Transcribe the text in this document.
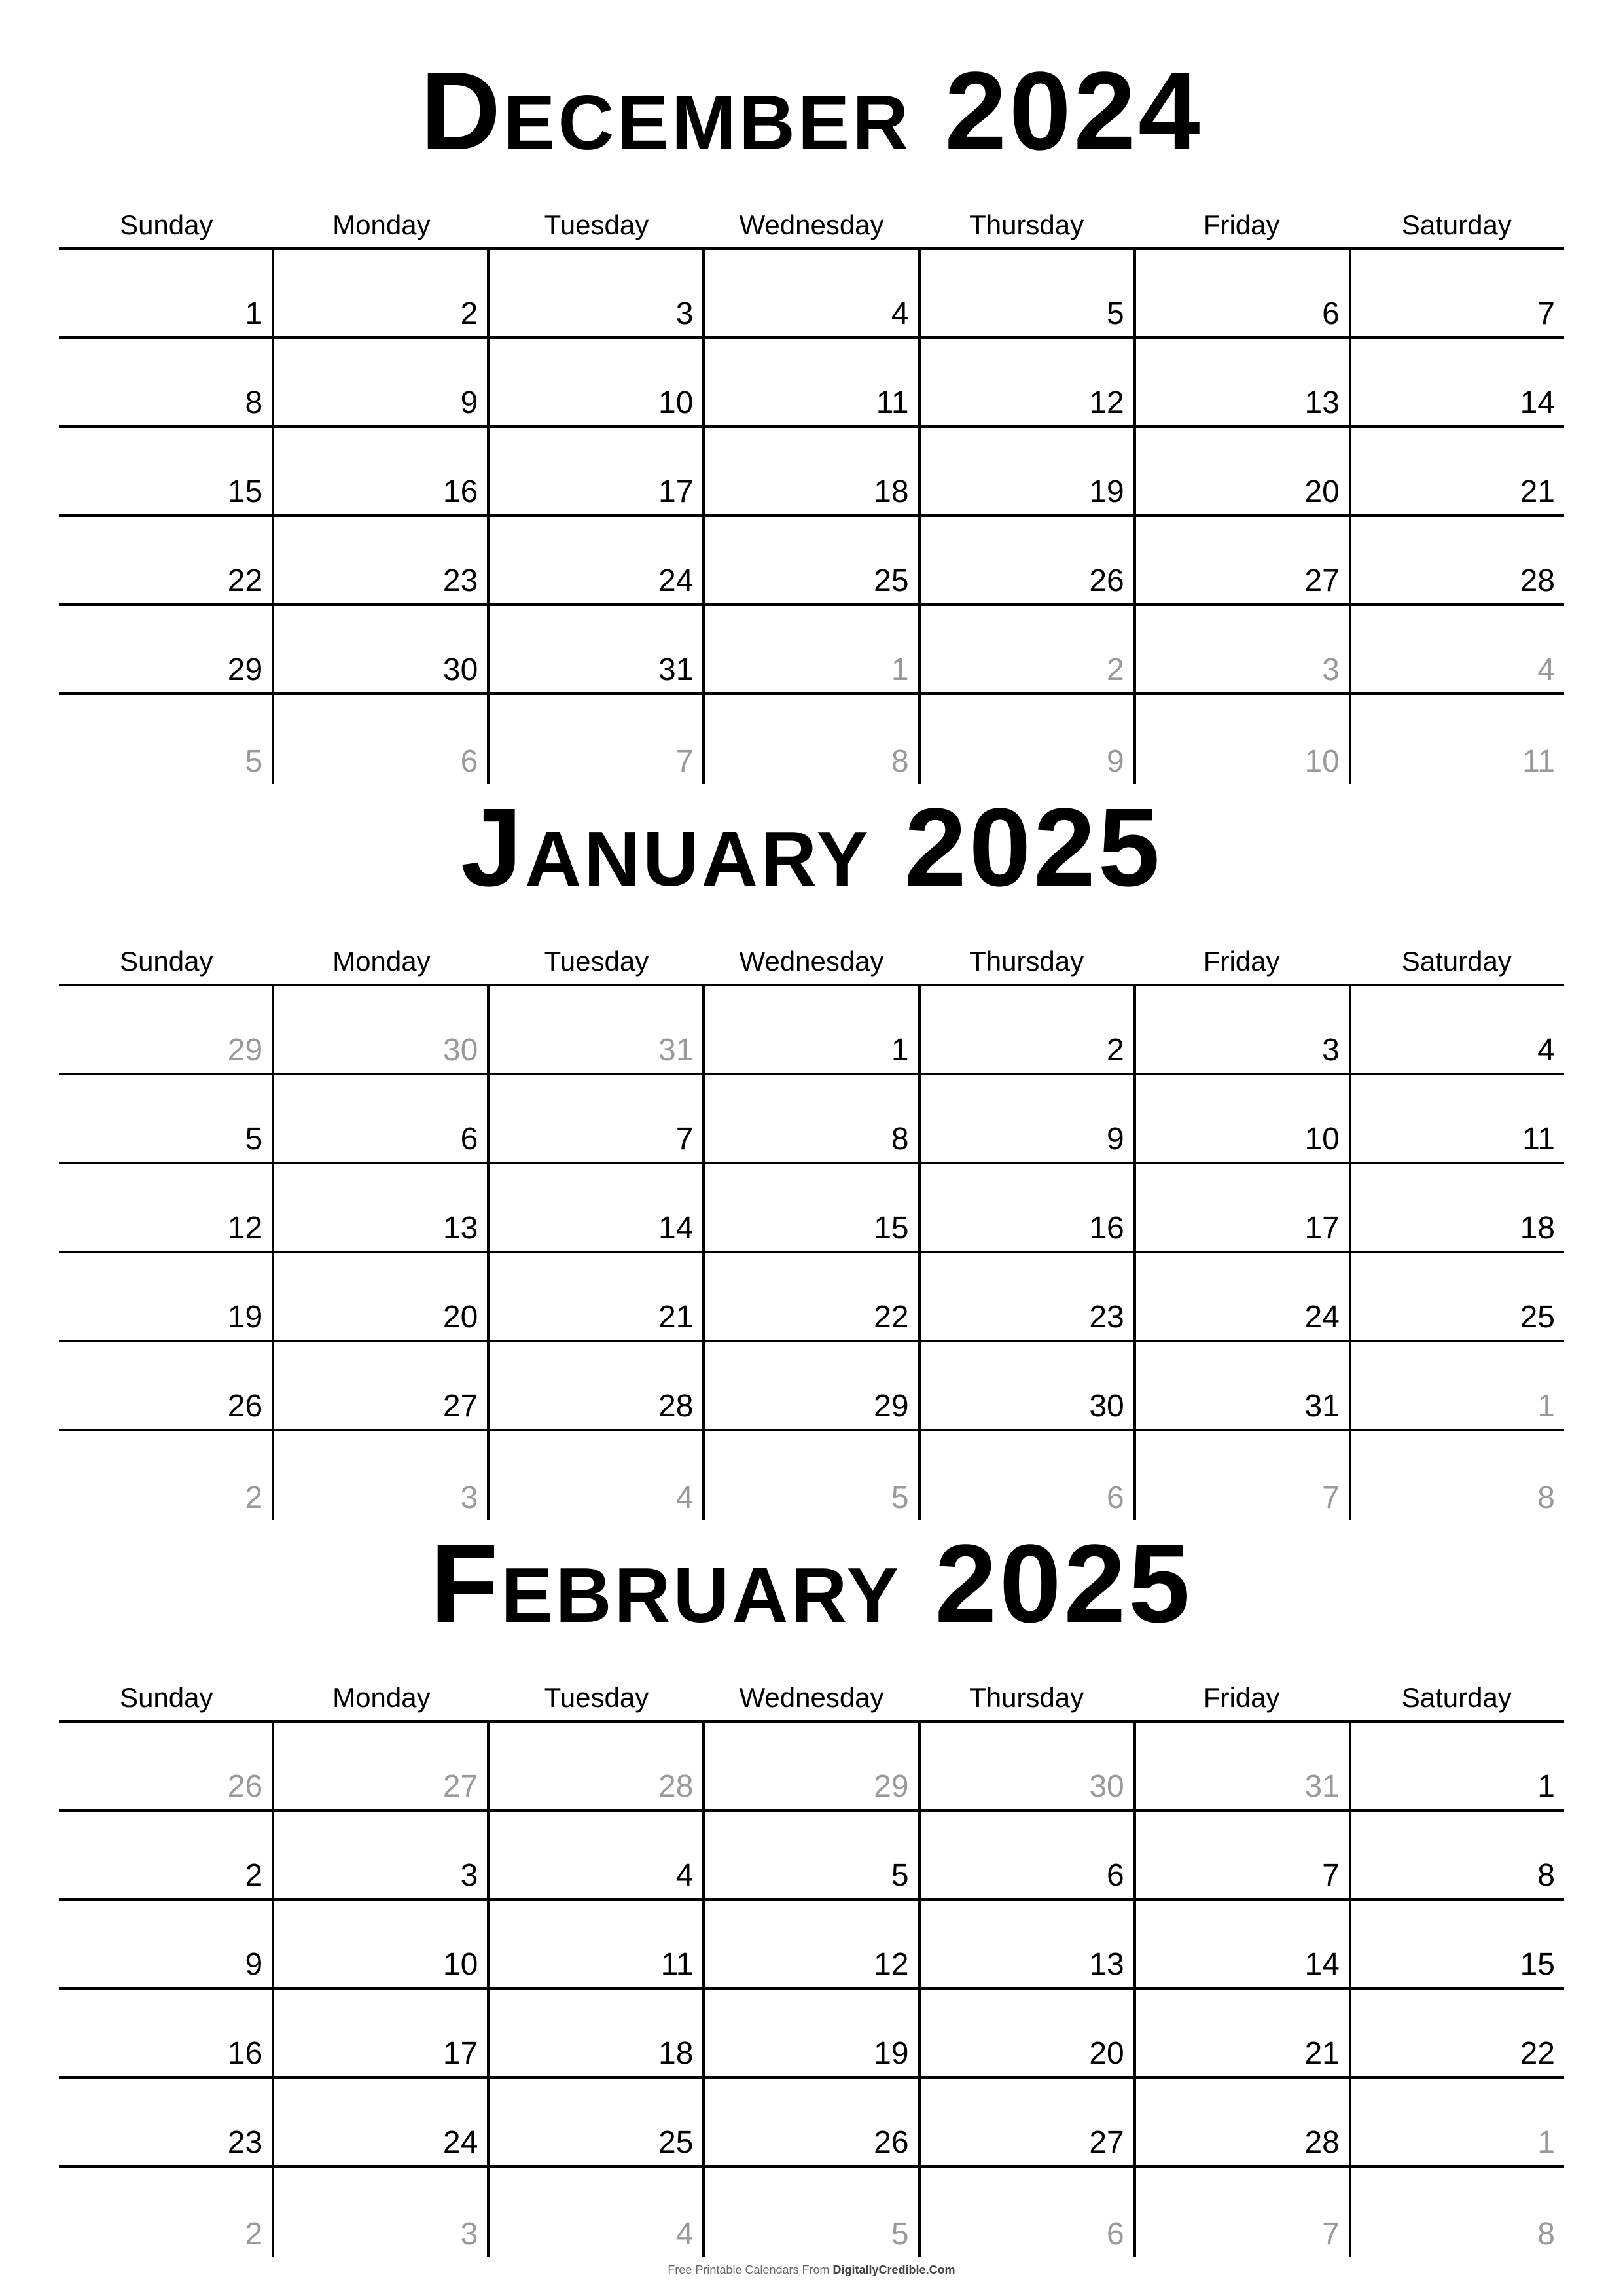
December 2024
Sunday	Monday	Tuesday	Wednesday	Thursday	Friday	Saturday
1	2	3	4	5	6	7
8	9	10	11	12	13	14
15	16	17	18	19	20	21
22	23	24	25	26	27	28
29	30	31	1	2	3	4
5	6	7	8	9	10	11
January 2025
Sunday	Monday	Tuesday	Wednesday	Thursday	Friday	Saturday
29	30	31	1	2	3	4
5	6	7	8	9	10	11
12	13	14	15	16	17	18
19	20	21	22	23	24	25
26	27	28	29	30	31	1
2	3	4	5	6	7	8
February 2025
Sunday	Monday	Tuesday	Wednesday	Thursday	Friday	Saturday
26	27	28	29	30	31	1
2	3	4	5	6	7	8
9	10	11	12	13	14	15
16	17	18	19	20	21	22
23	24	25	26	27	28	1
2	3	4	5	6	7	8
Free Printable Calendars From DigitallyCredible.Com
